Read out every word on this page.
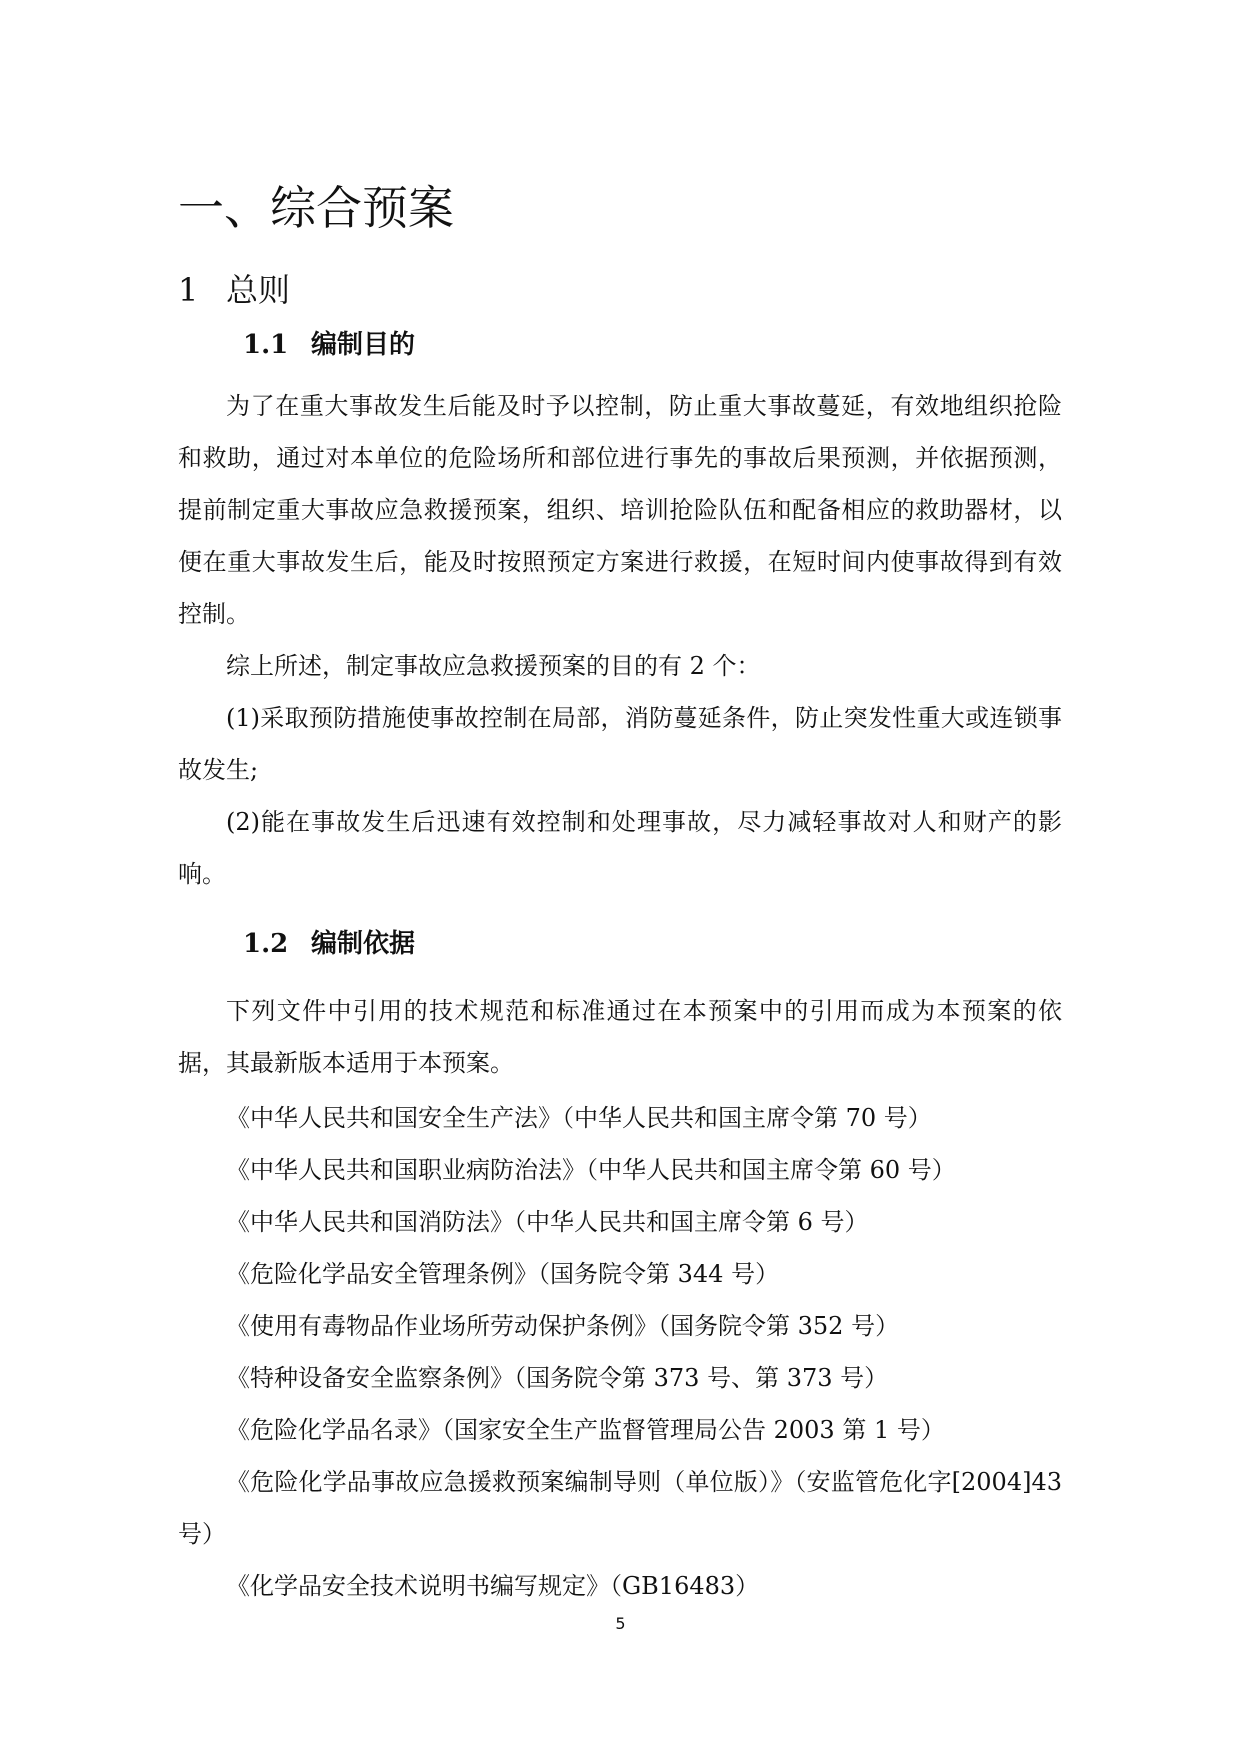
一、综合预案
1 总则
1.1 编制目的

为了在重大事故发生后能及时予以控制，防止重大事故蔓延，有效地组织抢险和救助，通过对本单位的危险场所和部位进行事先的事故后果预测，并依据预测，提前制定重大事故应急救援预案，组织、培训抢险队伍和配备相应的救助器材，以便在重大事故发生后，能及时按照预定方案进行救援，在短时间内使事故得到有效控制。

综上所述，制定事故应急救援预案的目的有 2 个：

(1)采取预防措施使事故控制在局部，消防蔓延条件，防止突发性重大或连锁事故发生;

(2)能在事故发生后迅速有效控制和处理事故，尽力减轻事故对人和财产的影响。

1.2 编制依据

下列文件中引用的技术规范和标准通过在本预案中的引用而成为本预案的依据，其最新版本适用于本预案。

《中华人民共和国安全生产法》（中华人民共和国主席令第 70 号）
《中华人民共和国职业病防治法》（中华人民共和国主席令第 60 号）
《中华人民共和国消防法》（中华人民共和国主席令第 6 号）
《危险化学品安全管理条例》（国务院令第 344 号）
《使用有毒物品作业场所劳动保护条例》（国务院令第 352 号）
《特种设备安全监察条例》（国务院令第 373 号、第 373 号）
《危险化学品名录》（国家安全生产监督管理局公告 2003 第 1 号）
《危险化学品事故应急援救预案编制导则（单位版）》（安监管危化字[2004]43 号）
《化学品安全技术说明书编写规定》（GB16483）
5
